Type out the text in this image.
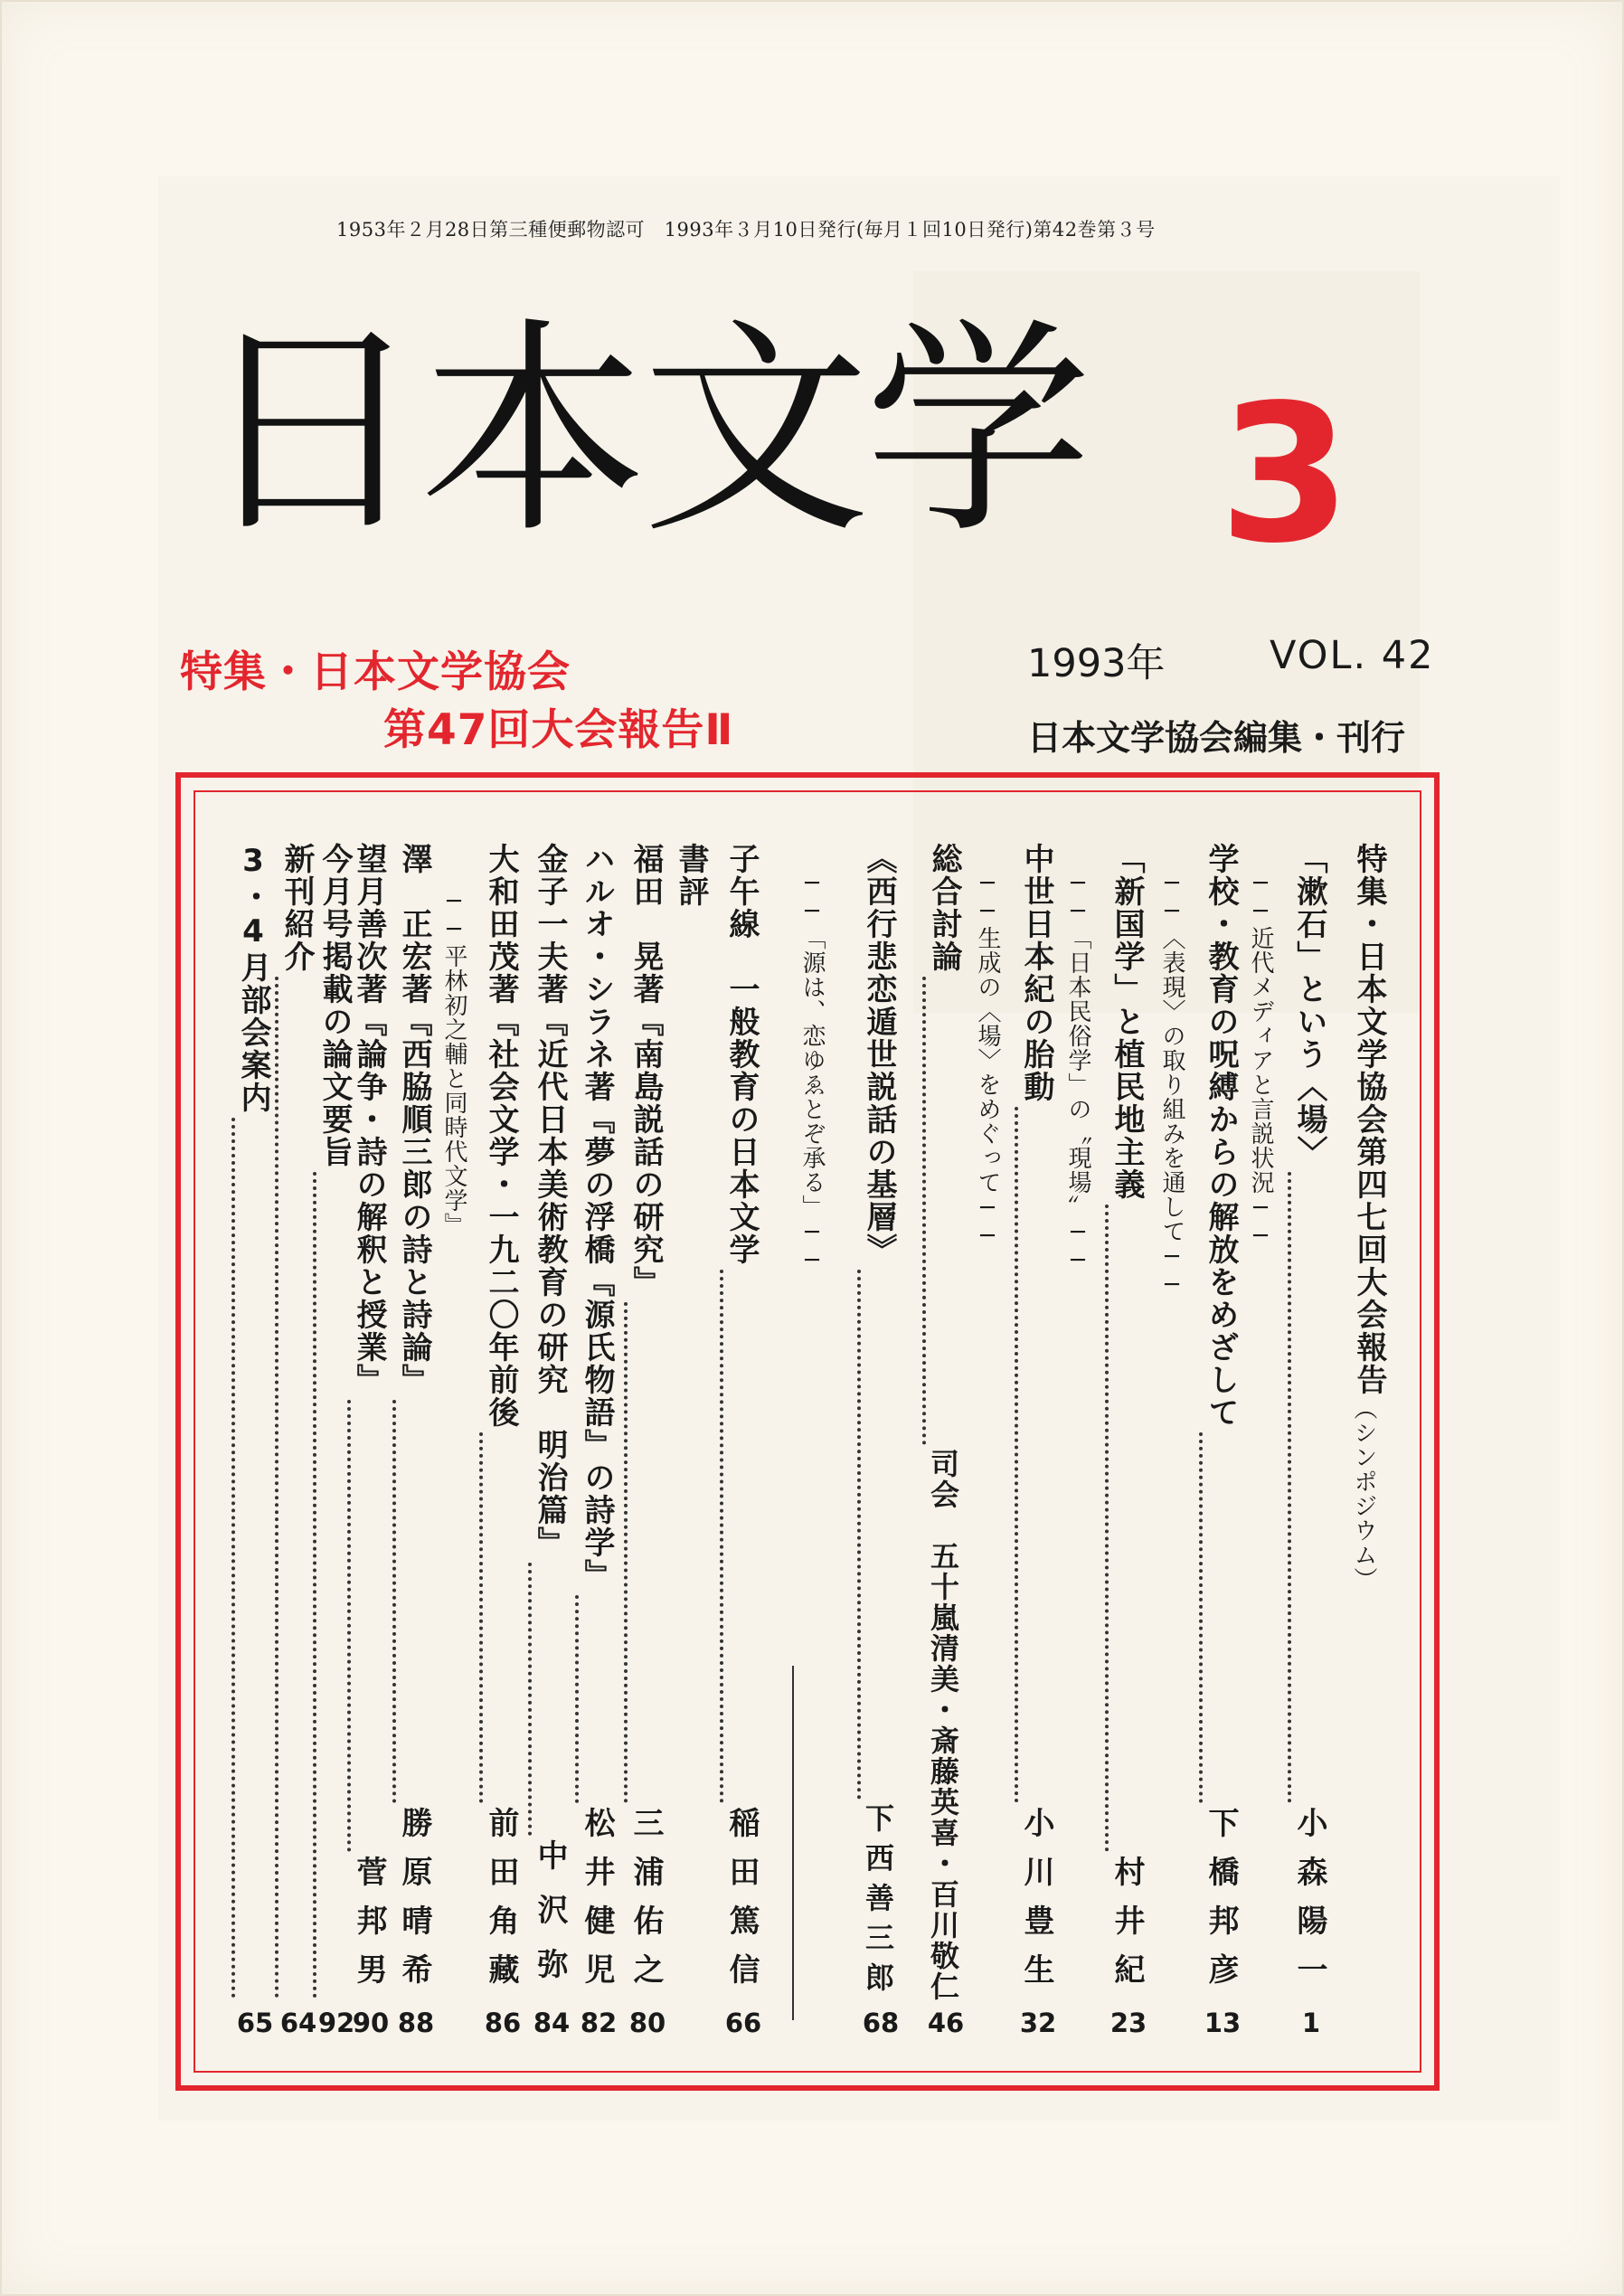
1953年２月28日第三種便郵物認可　1993年３月10日発行(毎月１回10日発行)第42巻第３号
日本文学 3
特集・日本文学協会
第47回大会報告Ⅱ
1993年	VOL. 42
日本文学協会編集・刊行
特集・日本文学協会第四七回大会報告
（シンポジウム）
「漱石」という〈場〉
小森陽一
1
──近代メディアと言説状況──
学校・教育の呪縛からの解放をめざして
下橋邦彦
13
──〈表現〉の取り組みを通して──
「新国学」と植民地主義
村井紀
23
──「日本民俗学」の〝現場〟──
中世日本紀の胎動
小川豊生
32
──生成の〈場〉をめぐって──
総合討論
司会　五十嵐清美・斎藤英喜・百川敬仁
46
《西行悲恋遁世説話の基層》
下西善三郎
68
──「源は、恋ゆゑとぞ承る」──
子午線　一般教育の日本文学
稲田篤信
66
書評
福田　晃著『南島説話の研究』
三浦佑之
80
ハルオ・シラネ著『夢の浮橋『源氏物語』の詩学』
松井健児
82
金子一夫著『近代日本美術教育の研究　明治篇』
中沢弥
84
大和田茂著『社会文学・一九二〇年前後
前田角藏
86
──平林初之輔と同時代文学』
澤　正宏著『西脇順三郎の詩と詩論』
勝原晴希
88
望月善次著『論争・詩の解釈と授業』
菅邦男
90
今月号掲載の論文要旨
92
新刊紹介
64
3・4月部会案内
65
